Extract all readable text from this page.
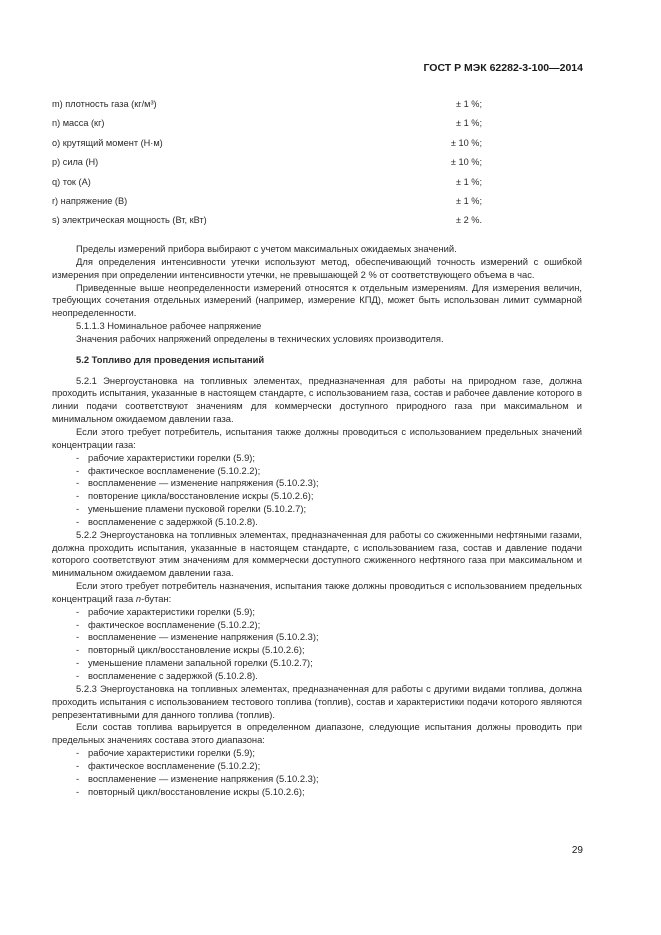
ГОСТ Р МЭК 62282-3-100—2014
m) плотность газа (кг/м³)	± 1 %;
n) масса (кг)	± 1 %;
о) крутящий момент (Н·м)	± 10 %;
р) сила (Н)	± 10 %;
q) ток (А)	± 1 %;
r) напряжение (В)	± 1 %;
s) электрическая мощность (Вт, кВт)	± 2 %.

Пределы измерений прибора выбирают с учетом максимальных ожидаемых значений.

Для определения интенсивности утечки используют метод, обеспечивающий точность измерений с ошибкой измерения при определении интенсивности утечки, не превышающей 2 % от соответствующего объема в час.

Приведенные выше неопределенности измерений относятся к отдельным измерениям. Для измерения величин, требующих сочетания отдельных измерений (например, измерение КПД), может быть использован лимит суммарной неопределенности.

5.1.1.3 Номинальное рабочее напряжение

Значения рабочих напряжений определены в технических условиях производителя.

5.2 Топливо для проведения испытаний

5.2.1 Энергоустановка на топливных элементах, предназначенная для работы на природном газе, должна проходить испытания, указанные в настоящем стандарте, с использованием газа, состав и рабочее давление которого в линии подачи соответствуют значениям для коммерчески доступного природного газа при максимальном и минимальном ожидаемом давлении газа.

Если этого требует потребитель, испытания также должны проводиться с использованием предельных значений концентрации газа:

- рабочие характеристики горелки (5.9);
- фактическое воспламенение (5.10.2.2);
- воспламенение — изменение напряжения (5.10.2.3);
- повторение цикла/восстановление искры (5.10.2.6);
- уменьшение пламени пусковой горелки (5.10.2.7);
- воспламенение с задержкой (5.10.2.8).

5.2.2 Энергоустановка на топливных элементах, предназначенная для работы со сжиженными нефтяными газами, должна проходить испытания, указанные в настоящем стандарте, с использованием газа, состав и давление подачи которого соответствуют этим значениям для коммерчески доступного сжиженного нефтяного газа при максимальном и минимальном ожидаемом давлении газа.

Если этого требует потребитель назначения, испытания также должны проводиться с использованием предельных концентраций газа n-бутан:

- рабочие характеристики горелки (5.9);
- фактическое воспламенение (5.10.2.2);
- воспламенение — изменение напряжения (5.10.2.3);
- повторный цикл/восстановление искры (5.10.2.6);
- уменьшение пламени запальной горелки (5.10.2.7);
- воспламенение с задержкой (5.10.2.8).

5.2.3 Энергоустановка на топливных элементах, предназначенная для работы с другими видами топлива, должна проходить испытания с использованием тестового топлива (топлив), состав и характеристики подачи которого являются репрезентативными для данного топлива (топлив).

Если состав топлива варьируется в определенном диапазоне, следующие испытания должны проводить при предельных значениях состава этого диапазона:

- рабочие характеристики горелки (5.9);
- фактическое воспламенение (5.10.2.2);
- воспламенение — изменение напряжения (5.10.2.3);
- повторный цикл/восстановление искры (5.10.2.6);
29
